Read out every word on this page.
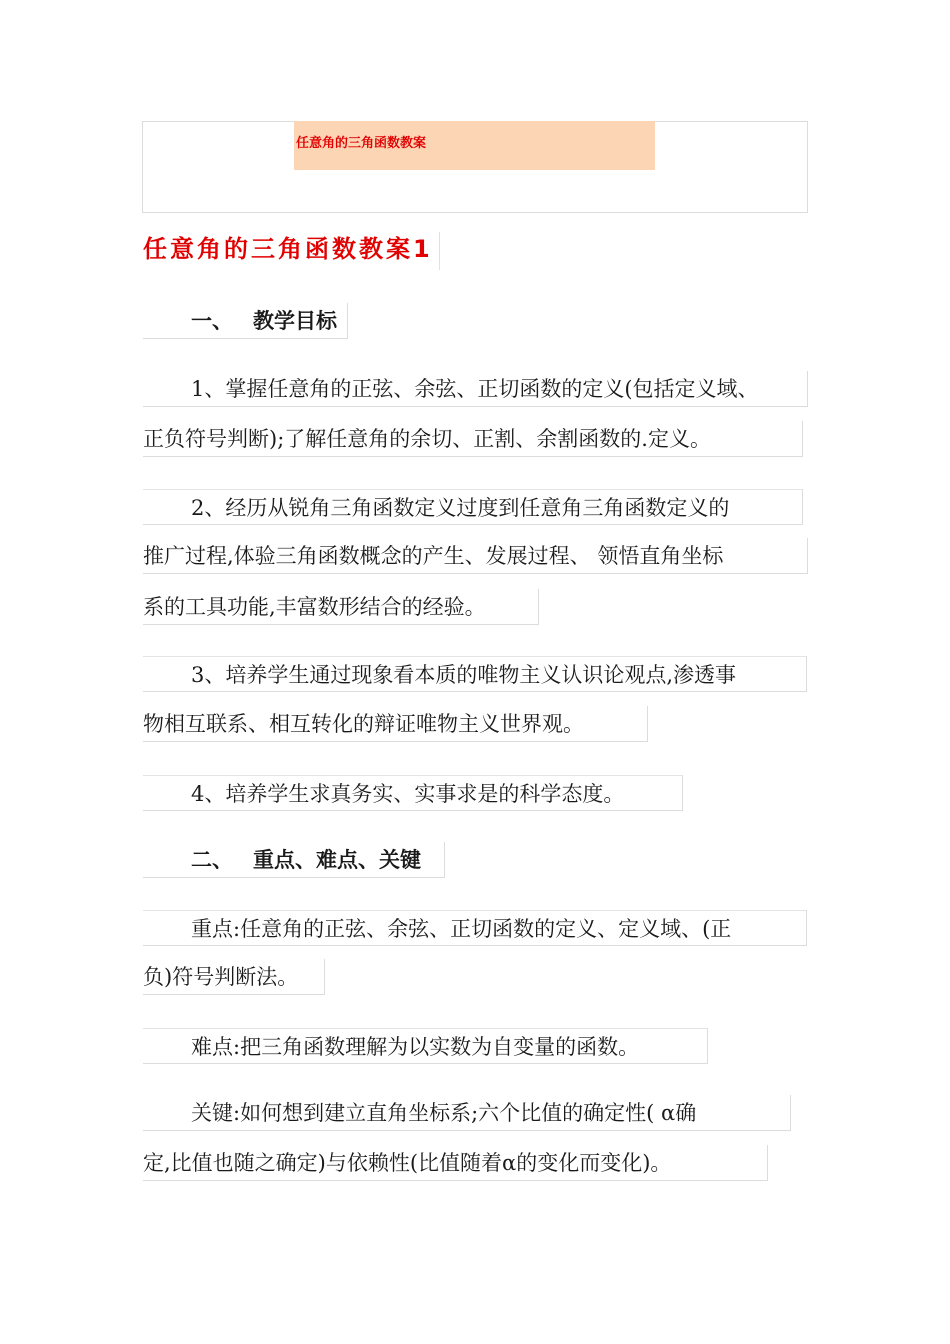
任意角的三角函数教案
任意角的三角函数教案1
一、 教学目标
1、掌握任意角的正弦、余弦、正切函数的定义(包括定义域、
正负符号判断);了解任意角的余切、正割、余割函数的.定义。
2、经历从锐角三角函数定义过度到任意角三角函数定义的
推广过程,体验三角函数概念的产生、发展过程、 领悟直角坐标
系的工具功能,丰富数形结合的经验。
3、培养学生通过现象看本质的唯物主义认识论观点,渗透事
物相互联系、相互转化的辩证唯物主义世界观。
4、培养学生求真务实、实事求是的科学态度。
二、 重点、难点、关键
重点:任意角的正弦、余弦、正切函数的定义、定义域、(正
负)符号判断法。
难点:把三角函数理解为以实数为自变量的函数。
关键:如何想到建立直角坐标系;六个比值的确定性( α确
定,比值也随之确定)与依赖性(比值随着α的变化而变化)。
